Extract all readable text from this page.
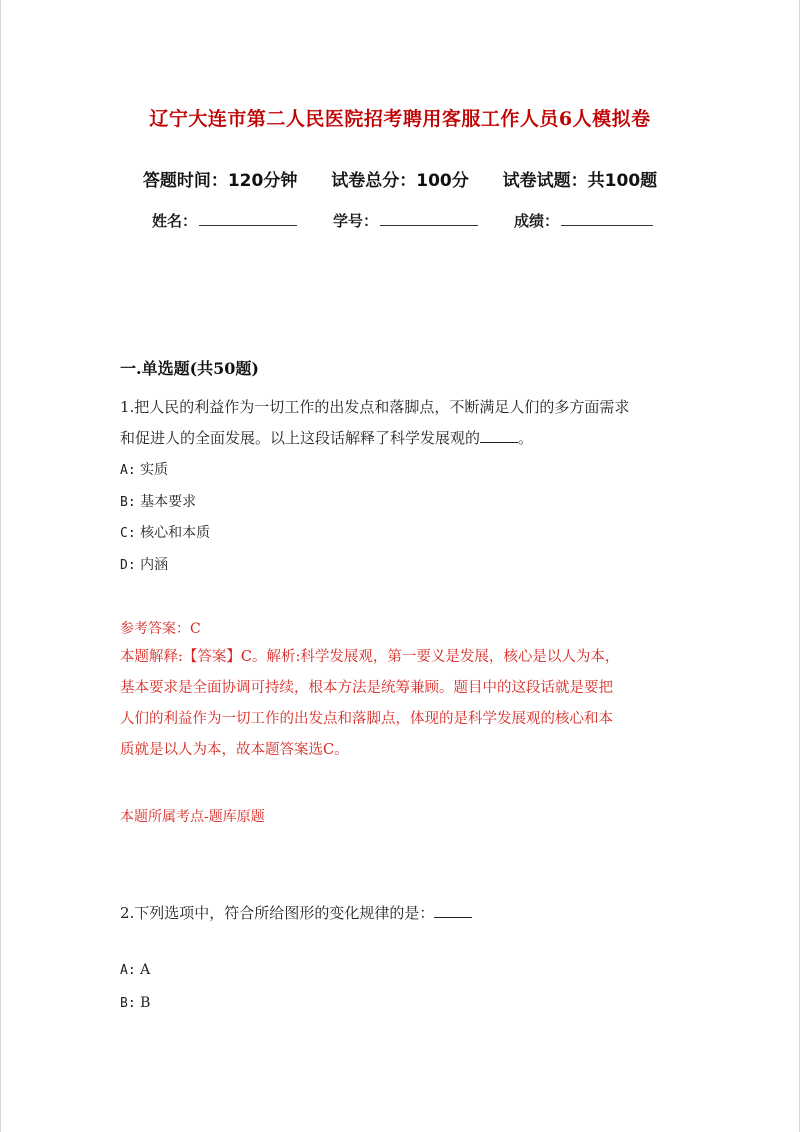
辽宁大连市第二人民医院招考聘用客服工作人员6人模拟卷
答题时间：120分钟 试卷总分：100分 试卷试题：共100题
姓名：	学号：	成绩：
一.单选题(共50题)
1.把人民的利益作为一切工作的出发点和落脚点，不断满足人们的多方面需求
和促进人的全面发展。以上这段话解释了科学发展观的	。
A: 实质
B: 基本要求
C: 核心和本质
D: 内涵
参考答案：C
本题解释:【答案】C。解析:科学发展观，第一要义是发展，核心是以人为本，
基本要求是全面协调可持续，根本方法是统筹兼顾。题目中的这段话就是要把
人们的利益作为一切工作的出发点和落脚点，体现的是科学发展观的核心和本
质就是以人为本，故本题答案选C。
本题所属考点-题库原题
2.下列选项中，符合所给图形的变化规律的是：
A: A
B: B
